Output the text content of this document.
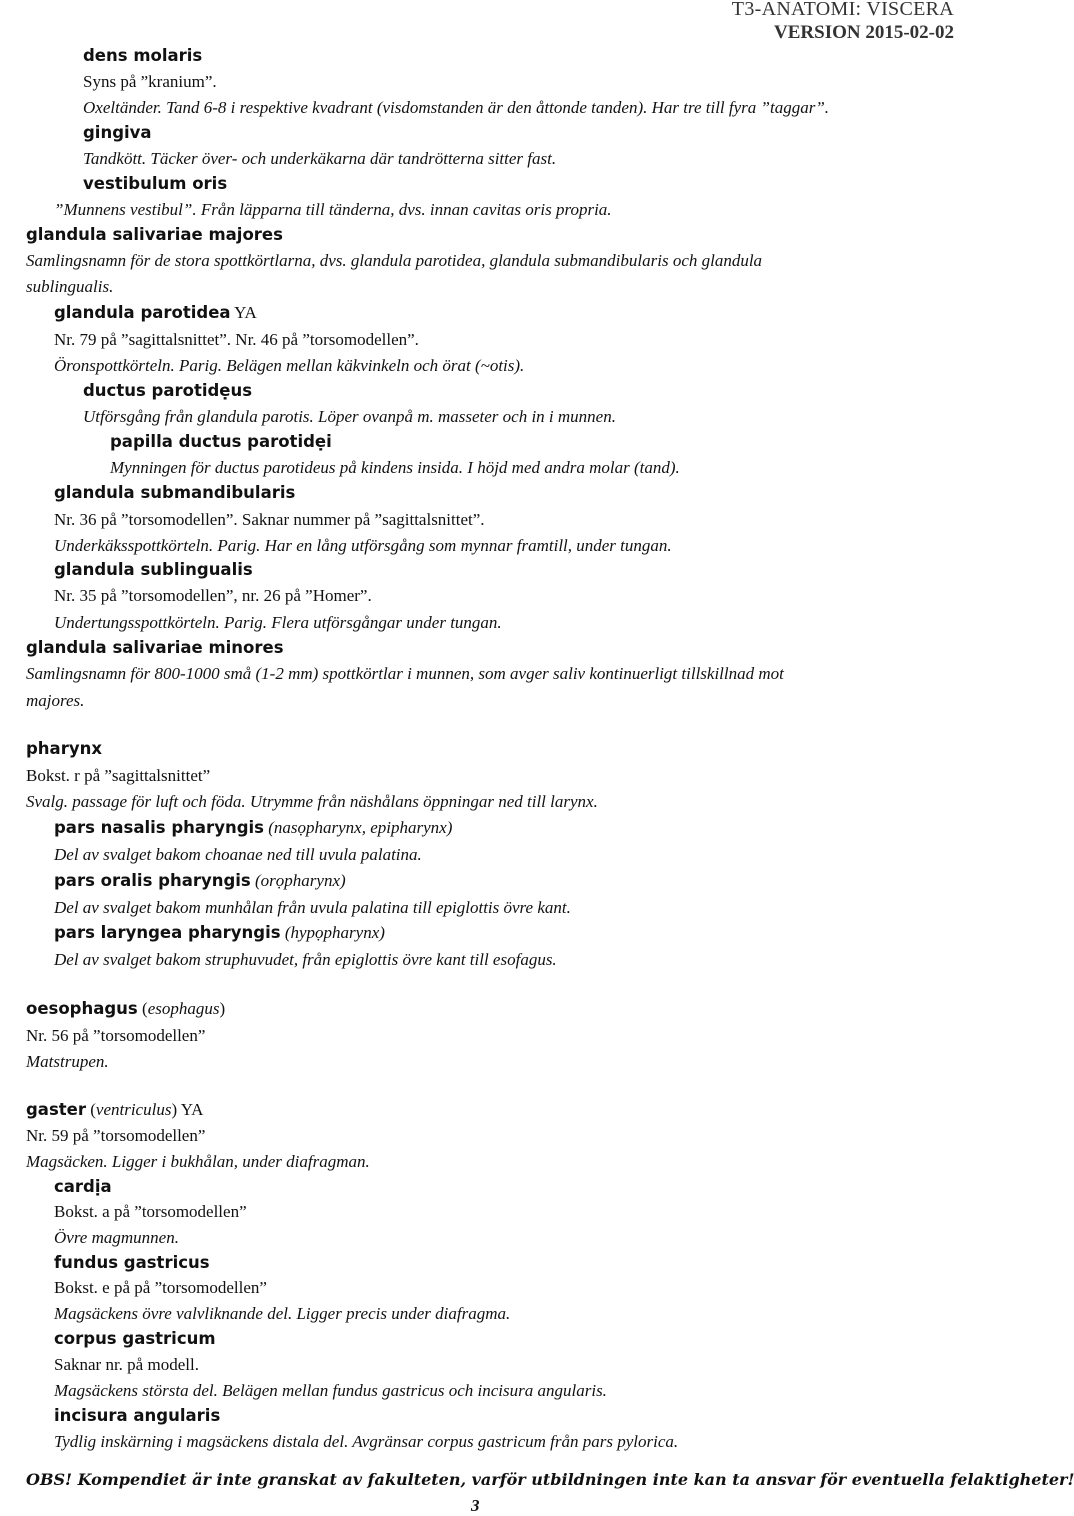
T3-ANATOMI: VISCERA
VERSION 2015-02-02
dens molaris
Syns på ”kranium”.
Oxeltänder. Tand 6-8 i respektive kvadrant (visdomstanden är den åttonde tanden). Har tre till fyra ”taggar”.
gingiva
Tandkött. Täcker över- och underkäkarna där tandrötterna sitter fast.
vestibulum oris
”Munnens vestibul”. Från läpparna till tänderna, dvs. innan cavitas oris propria.
glandula salivariae majores
Samlingsnamn för de stora spottkörtlarna, dvs. glandula parotidea, glandula submandibularis och glandula
sublingualis.
glandula parotidea YA
Nr. 79 på ”sagittalsnittet”. Nr. 46 på ”torsomodellen”.
Öronspottkörteln. Parig. Belägen mellan käkvinkeln och örat (~otis).
ductus parotidẹus
Utförsgång från glandula parotis. Löper ovanpå m. masseter och in i munnen.
papilla ductus parotidẹi
Mynningen för ductus parotideus på kindens insida. I höjd med andra molar (tand).
glandula submandibularis
Nr. 36 på ”torsomodellen”. Saknar nummer på ”sagittalsnittet”.
Underkäksspottkörteln. Parig. Har en lång utförsgång som mynnar framtill, under tungan.
glandula sublingualis
Nr. 35 på ”torsomodellen”, nr. 26 på ”Homer”.
Undertungsspottkörteln. Parig. Flera utförsgångar under tungan.
glandula salivariae minores
Samlingsnamn för 800-1000 små (1-2 mm) spottkörtlar i munnen, som avger saliv kontinuerligt tillskillnad mot
majores.
pharynx
Bokst. r på ”sagittalsnittet”
Svalg. passage för luft och föda. Utrymme från näshålans öppningar ned till larynx.
pars nasalis pharyngis (nasọpharynx, epipharynx)
Del av svalget bakom choanae ned till uvula palatina.
pars oralis pharyngis (orọpharynx)
Del av svalget bakom munhålan från uvula palatina till epiglottis övre kant.
pars laryngea pharyngis (hypọpharynx)
Del av svalget bakom struphuvudet, från epiglottis övre kant till esofagus.
oesophagus (esophagus)
Nr. 56 på ”torsomodellen”
Matstrupen.
gaster (ventriculus) YA
Nr. 59 på ”torsomodellen”
Magsäcken. Ligger i bukhålan, under diafragman.
cardịa
Bokst. a på ”torsomodellen”
Övre magmunnen.
fundus gastricus
Bokst. e på på ”torsomodellen”
Magsäckens övre valvliknande del. Ligger precis under diafragma.
corpus gastricum
Saknar nr. på modell.
Magsäckens största del. Belägen mellan fundus gastricus och incisura angularis.
incisura angularis
Tydlig inskärning i magsäckens distala del. Avgränsar corpus gastricum från pars pylorica.
OBS! Kompendiet är inte granskat av fakulteten, varför utbildningen inte kan ta ansvar för eventuella felaktigheter!
3
